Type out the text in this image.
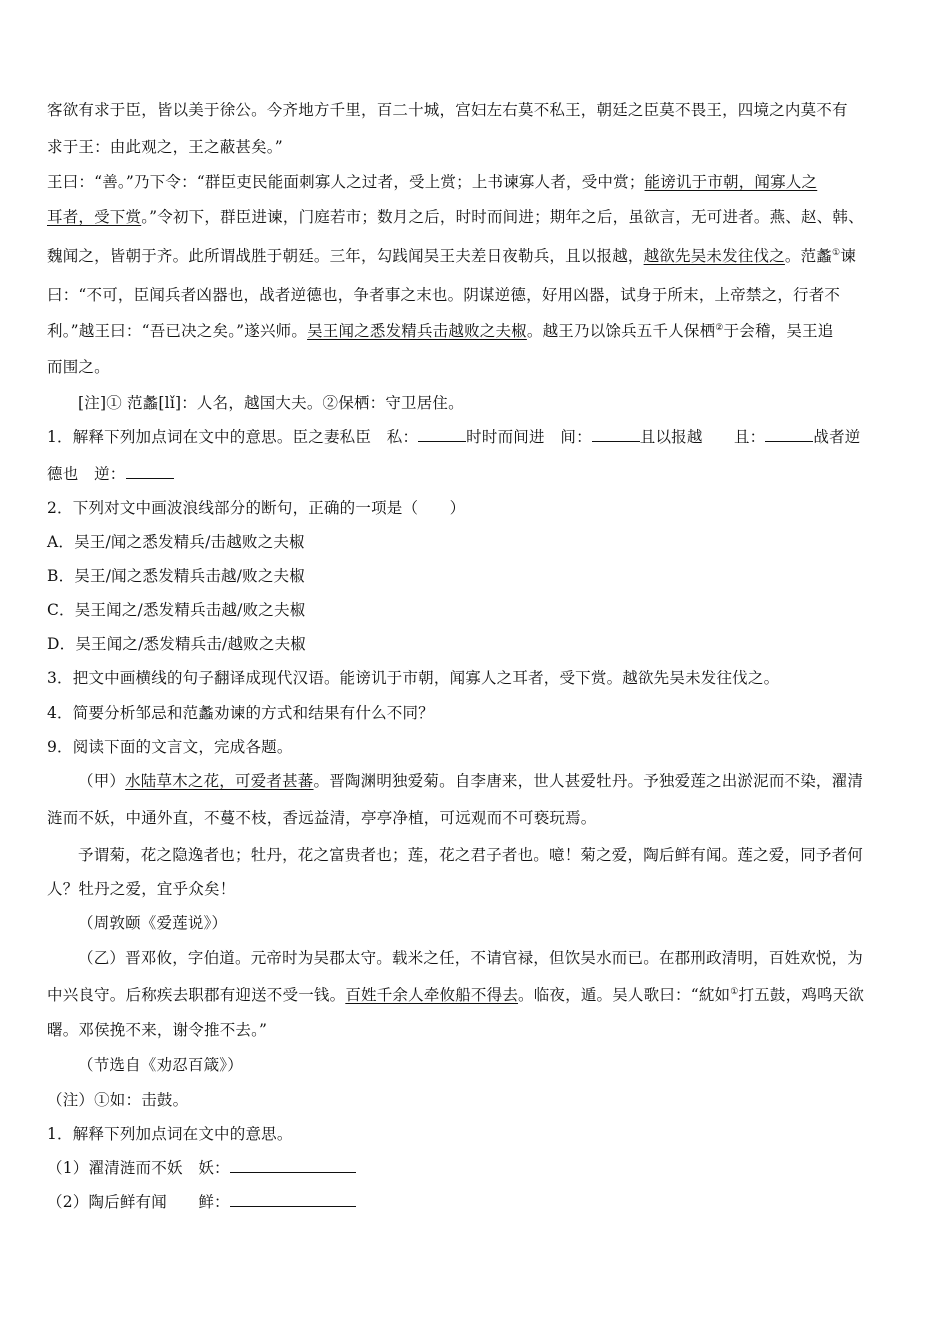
客欲有求于臣，皆以美于徐公。今齐地方千里，百二十城，宫妇左右莫不私王，朝廷之臣莫不畏王，四境之内莫不有
求于王：由此观之，王之蔽甚矣。”
王曰：“善。”乃下令：“群臣吏民能面刺寡人之过者，受上赏；上书谏寡人者，受中赏；能谤讥于市朝，闻寡人之
耳者，受下赏。”令初下，群臣进谏，门庭若市；数月之后，时时而间进；期年之后，虽欲言，无可进者。燕、赵、韩、
魏闻之，皆朝于齐。此所谓战胜于朝廷。三年，勾践闻吴王夫差日夜勒兵，且以报越，越欲先吴未发往伐之。范蠡①谏
曰：“不可，臣闻兵者凶器也，战者逆德也，争者事之末也。阴谋逆德，好用凶器，试身于所末，上帝禁之，行者不
利。”越王曰：“吾已决之矣。”遂兴师。吴王闻之悉发精兵击越败之夫椒。越王乃以馀兵五千人保栖②于会稽，吴王追
而围之。
[注]① 范蠡[lǐ]：人名，越国大夫。②保栖：守卫居住。
1．解释下列加点词在文中的意思。臣之妻私臣　私：	时时而间进　间：	且以报越　　且：	战者逆
德也　逆：
2．下列对文中画波浪线部分的断句，正确的一项是（　　）
A．吴王/闻之悉发精兵/击越败之夫椒
B．吴王/闻之悉发精兵击越/败之夫椒
C．吴王闻之/悉发精兵击越/败之夫椒
D．吴王闻之/悉发精兵击/越败之夫椒
3．把文中画横线的句子翻译成现代汉语。能谤讥于市朝，闻寡人之耳者，受下赏。越欲先吴未发往伐之。
4．简要分析邹忌和范蠡劝谏的方式和结果有什么不同？
9．阅读下面的文言文，完成各题。
（甲）水陆草木之花，可爱者甚蕃。晋陶渊明独爱菊。自李唐来，世人甚爱牡丹。予独爱莲之出淤泥而不染，濯清
涟而不妖，中通外直，不蔓不枝，香远益清，亭亭净植，可远观而不可亵玩焉。
予谓菊，花之隐逸者也；牡丹，花之富贵者也；莲，花之君子者也。噫！菊之爱，陶后鲜有闻。莲之爱，同予者何
人？牡丹之爱，宜乎众矣！
（周敦颐《爱莲说》）
（乙）晋邓攸，字伯道。元帝时为吴郡太守。载米之任，不请官禄，但饮吴水而已。在郡刑政清明，百姓欢悦，为
中兴良守。后称疾去职郡有迎送不受一钱。百姓千余人牵攸船不得去。临夜，遁。吴人歌曰：“紞如①打五鼓，鸡鸣天欲
曙。邓侯挽不来，谢令推不去。”
（节选自《劝忍百箴》）
（注）①如：击鼓。
1．解释下列加点词在文中的意思。
（1）濯清涟而不妖　妖：
（2）陶后鲜有闻　　鲜：
